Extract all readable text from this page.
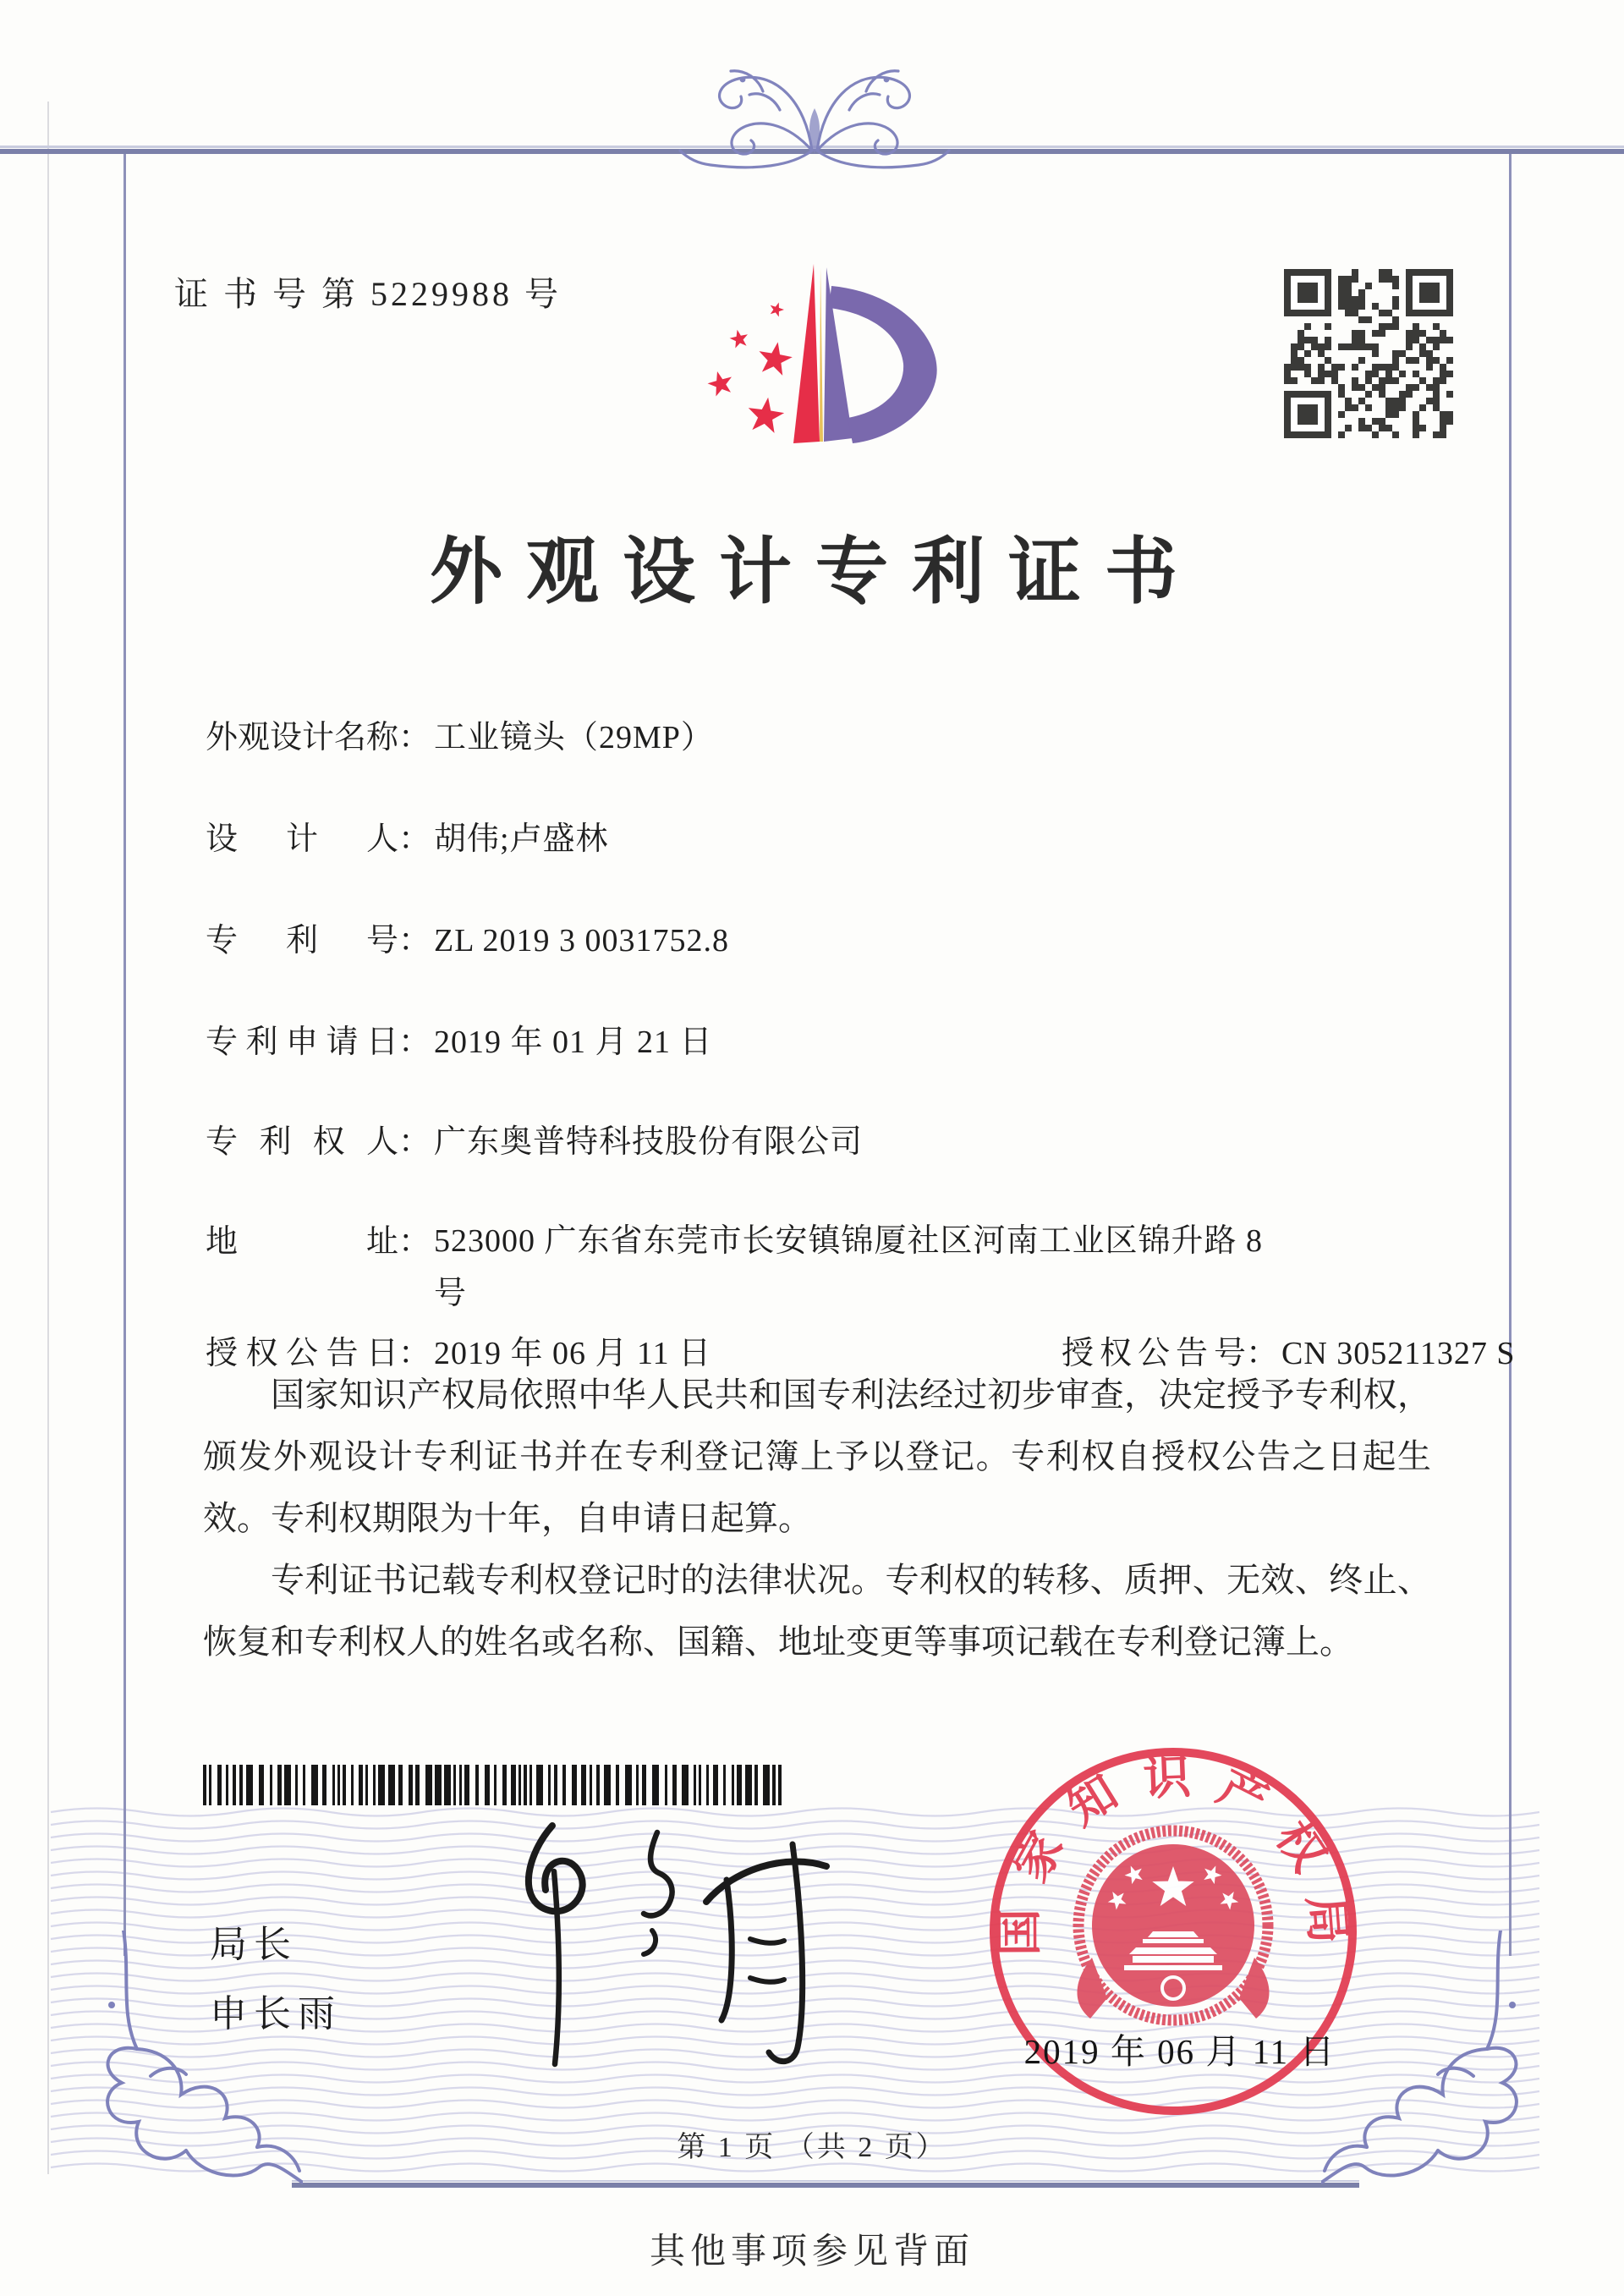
证 书 号 第 5229988 号
外观设计专利证书
外观设计名称： 工业镜头（29MP）
设计人： 胡伟;卢盛林
专利号： ZL 2019 3 0031752.8
专利申请日： 2019 年 01 月 21 日
专利权人： 广东奥普特科技股份有限公司
地址： 523000 广东省东莞市长安镇锦厦社区河南工业区锦升路 8
号
授权公告日： 2019 年 06 月 11 日	授权公告号： CN 305211327 S

国家知识产权局依照中华人民共和国专利法经过初步审查，决定授予专利权，颁发外观设计专利证书并在专利登记簿上予以登记。专利权自授权公告之日起生效。专利权期限为十年，自申请日起算。

专利证书记载专利权登记时的法律状况。专利权的转移、质押、无效、终止、恢复和专利权人的姓名或名称、国籍、地址变更等事项记载在专利登记簿上。

局长
申长雨
国家知识产权局
2019 年 06 月 11 日
第 1 页 （共 2 页）
其他事项参见背面
